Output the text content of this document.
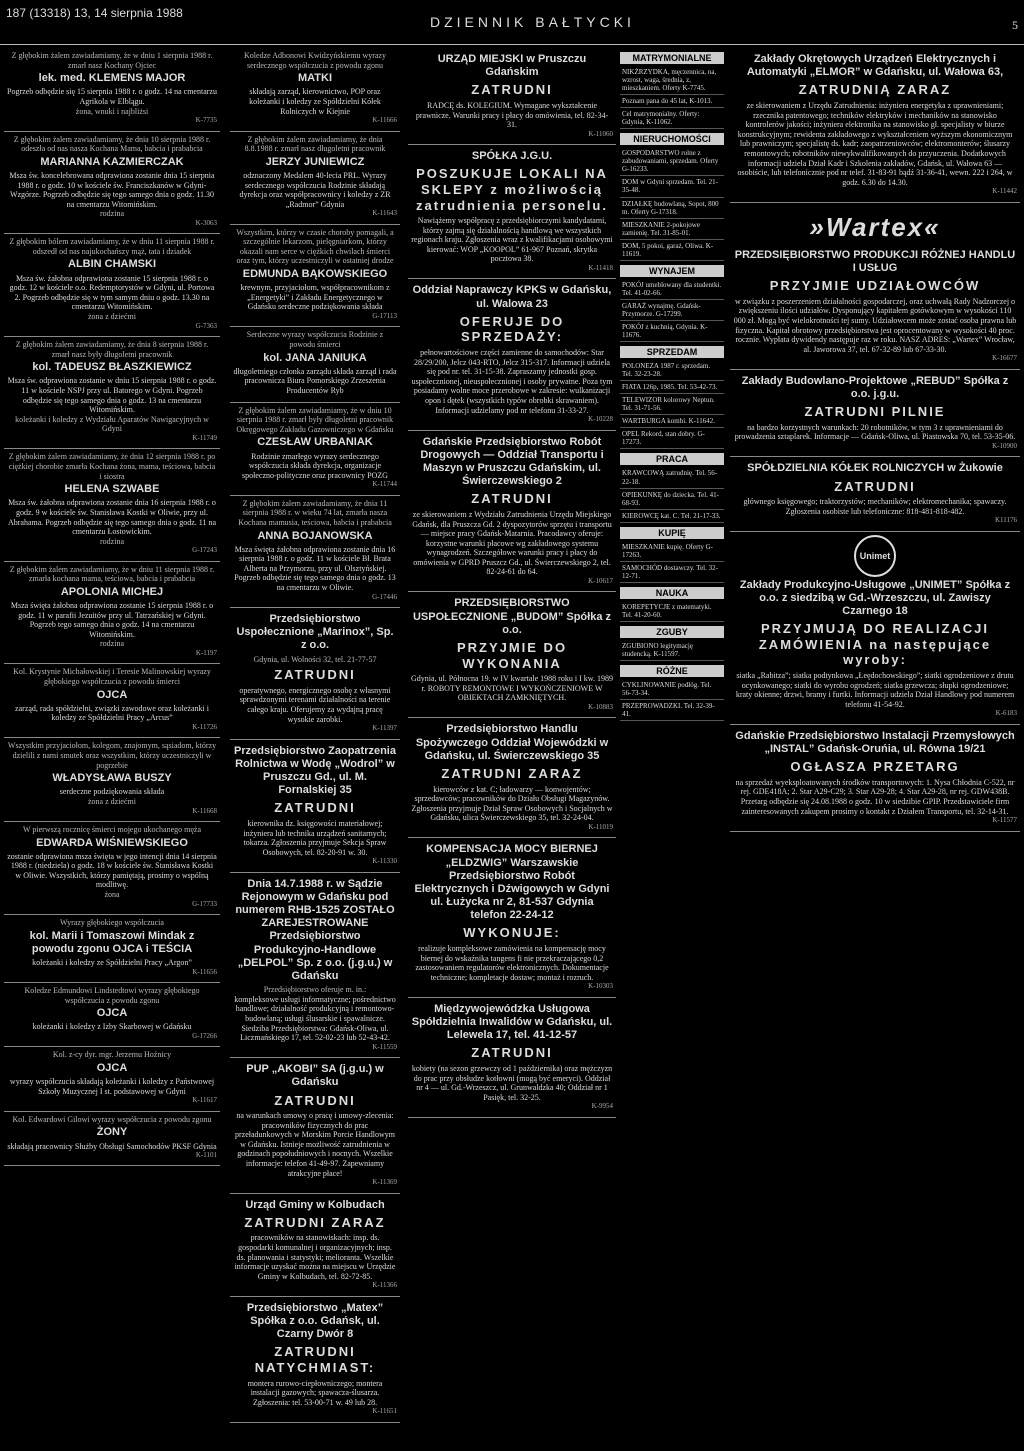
187 (13318) 13, 14 sierpnia 1988
DZIENNIK BAŁTYCKI	5
Z głębokim żalem zawiadamiamy, że w dniu 1 sierpnia 1988 r. zmarł nasz Kochany Ojciec
lek. med. KLEMENS MAJOR
Pogrzeb odbędzie się 15 sierpnia 1988 r. o godz. 14 na cmentarzu Agrikola w Elblągu.
żona, wnuki i najbliżsi
K-7735
Z głębokim żalem zawiadamiamy, że dnia 10 sierpnia 1988 r. odeszła od nas nasza Kochana Mama, babcia i prababcia
MARIANNA KAZMIERCZAK
Msza św. koncelebrowana odprawiona zostanie dnia 15 sierpnia 1988 r. o godz. 10 w kościele św. Franciszkanów w Gdyni-Wzgórze. Pogrzeb odbędzie się tego samego dnia o godz. 11.30 na cmentarzu Witomińskim.
rodzina
K-3063
Z głębokim bólem zawiadamiamy, że w dniu 11 sierpnia 1988 r. odszedł od nas najukochańszy mąż, tata i dziadek
ALBIN CHAMSKI
Msza św. żałobna odprawiona zostanie 15 sierpnia 1988 r. o godz. 12 w kościele o.o. Redemptorystów w Gdyni, ul. Portowa 2. Pogrzeb odbędzie się w tym samym dniu o godz. 13.30 na cmentarzu Witomińskim.
żona z dziećmi
G-7363
Z głębokim żalem zawiadamiamy, że dnia 8 sierpnia 1988 r. zmarł nasz były długoletni pracownik
kol. TADEUSZ BŁASZKIEWICZ
Msza św. odprawiona zostanie w dniu 15 sierpnia 1988 r. o godz. 11 w kościele NSPJ przy ul. Batorego w Gdyni. Pogrzeb odbędzie się tego samego dnia o godz. 13 na cmentarzu Witomińskim.
koleżanki i koledzy z Wydziału Aparatów Nawigacyjnych w Gdyni
K-11749
Z głębokim żalem zawiadamiamy, że dnia 12 sierpnia 1988 r. po ciężkiej chorobie zmarła Kochana żona, mama, teściowa, babcia i siostra
HELENA SZWABE
Msza św. żałobna odprawiona zostanie dnia 16 sierpnia 1988 r. o godz. 9 w kościele św. Stanisława Kostki w Oliwie, przy ul. Abrahama. Pogrzeb odbędzie się tego samego dnia o godz. 11 na cmentarzu Łostowickim.
rodzina
G-17243
Z głębokim żalem zawiadamiamy, że w dniu 11 sierpnia 1988 r. zmarła kochana mama, teściowa, babcia i prababcia
APOLONIA MICHEJ
Msza święta żałobna odprawiona zostanie 15 sierpnia 1988 r. o godz. 11 w parafii Jezuitów przy ul. Tatrzańskiej w Gdyni. Pogrzeb tego samego dnia o godz. 14 na cmentarzu Witomińskim.
rodzina
K-1197
Kol. Krystynie Michałowskiej i Teresie Malinowskiej wyrazy głębokiego współczucia z powodu śmierci
OJCA
zarząd, rada spółdzielni, związki zawodowe oraz koleżanki i koledzy ze Spółdzielni Pracy „Arcus”
K-11726
Wszystkim przyjaciołom, kolegom, znajomym, sąsiadom, którzy dzielili z nami smutek oraz wszystkim, którzy uczestniczyli w pogrzebie
WŁADYSŁAWA BUSZY
serdeczne podziękowania składa
żona z dziećmi
K-11668
W pierwszą rocznicę śmierci mojego ukochanego męża
EDWARDA WIŚNIEWSKIEGO
zostanie odprawiona msza święta w jego intencji dnia 14 sierpnia 1988 r. (niedziela) o godz. 18 w kościele św. Stanisława Kostki w Oliwie. Wszystkich, którzy pamiętają, prosimy o wspólną modlitwę.
żona
G-17733
Wyrazy głębokiego współczucia
kol. Marii i Tomaszowi Mindak z powodu zgonu OJCA i TEŚCIA
koleżanki i koledzy ze Spółdzielni Pracy „Argon”
K-11656
Koledze Edmundowi Lindstedtowi wyrazy głębokiego współczucia z powodu zgonu
OJCA
koleżanki i koledzy z Izby Skarbowej w Gdańsku
G-17266
Kol. z-cy dyr. mgr. Jerzemu Hoźnicy
OJCA
wyrazy współczucia składają koleżanki i koledzy z Państwowej Szkoły Muzycznej I st. podstawowej w Gdyni
K-11617
Kol. Edwardowi Gilowi wyrazy współczucia z powodu zgonu
ŻONY
składają pracownicy Służby Obsługi Samochodów PKSF Gdynia
K-1101
Koledze Adbonowi Kwidzyńskiemu wyrazy serdecznego współczucia z powodu zgonu
MATKI
składają zarząd, kierownictwo, POP oraz koleżanki i koledzy ze Spółdzielni Kółek Rolniczych w Kiejnie
K-11666
Z głębokim żalem zawiadamiamy, że dnia 8.8.1988 r. zmarł nasz długoletni pracownik
JERZY JUNIEWICZ
odznaczony Medalem 40-lecia PRL. Wyrazy serdecznego współczucia Rodzinie składają dyrekcja oraz współpracownicy i koledzy z ZR „Radmor” Gdynia
K-11643
Wszystkim, którzy w czasie choroby pomagali, a szczególnie lekarzom, pielęgniarkom, którzy okazali nam serce w ciężkich chwilach śmierci oraz tym, którzy uczestniczyli w ostatniej drodze
EDMUNDA BĄKOWSKIEGO
krewnym, przyjaciołom, współpracownikom z „Energetyki” i Zakładu Energetycznego w Gdańsku serdeczne podziękowania składa
G-17113
Serdeczne wyrazy współczucia Rodzinie z powodu śmierci
kol. JANA JANIUKA
długoletniego członka zarządu składa zarząd i rada pracownicza Biura Pomorskiego Zrzeszenia Producentów Ryb
Z głębokim żalem zawiadamiamy, że w dniu 10 sierpnia 1988 r. zmarł były długoletni pracownik Okręgowego Zakładu Gazowniczego w Gdańsku
CZESŁAW URBANIAK
Rodzinie zmarłego wyrazy serdecznego współczucia składa dyrekcja, organizacje społeczno-polityczne oraz pracownicy POZG
K-11744
Z głębokim żalem zawiadamiamy, że dnia 11 sierpnia 1988 r. w wieku 74 lat, zmarła nasza Kochana mamusia, teściowa, babcia i prababcia
ANNA BOJANOWSKA
Msza święta żałobna odprawiona zostanie dnia 16 sierpnia 1988 r. o godz. 11 w kościele Bł. Brata Alberta na Przymorzu, przy ul. Olsztyńskiej. Pogrzeb odbędzie się tego samego dnia o godz. 13 na cmentarzu w Oliwie.
G-17446
Przedsiębiorstwo Uspołecznione „Marinox”, Sp. z o.o.
Gdynia, ul. Wolności 32, tel. 21-77-57
ZATRUDNI
operatywnego, energicznego osobę z własnymi sprawdzonymi terenami działalności na terenie całego kraju. Oferujemy za wydajną pracę wysokie zarobki.
K-11397
Przedsiębiorstwo Zaopatrzenia Rolnictwa w Wodę „Wodrol” w Pruszczu Gd., ul. M. Fornalskiej 35
ZATRUDNI
kierownika dz. księgowości materiałowej; inżyniera lub technika urządzeń sanitarnych; tokarza. Zgłoszenia przyjmuje Sekcja Spraw Osobowych, tel. 82-20-91 w. 30.
K-11330
Dnia 14.7.1988 r. w Sądzie Rejonowym w Gdańsku pod numerem RHB-1525 ZOSTAŁO ZAREJESTROWANE Przedsiębiorstwo Produkcyjno-Handlowe „DELPOL” Sp. z o.o. (j.g.u.) w Gdańsku
Przedsiębiorstwo oferuje m. in.:
kompleksowe usługi informatyczne; pośrednictwo handlowe; działalność produkcyjną i remontowo-budowlaną; usługi ślusarskie i spawalnicze. Siedziba Przedsiębiorstwa: Gdańsk-Oliwa, ul. Liczmańskiego 17, tel. 52-02-23 lub 52-43-42.
K-11559
PUP „AKOBI” SA (j.g.u.) w Gdańsku
ZATRUDNI
na warunkach umowy o pracę i umowy-zlecenia: pracowników fizycznych do prac przeładunkowych w Morskim Porcie Handlowym w Gdańsku. Istnieje możliwość zatrudnienia w godzinach popołudniowych i nocnych. Wszelkie informacje: telefon 41-49-97. Zapewniamy atrakcyjne płace!
K-11369
Urząd Gminy w Kolbudach
ZATRUDNI ZARAZ
pracowników na stanowiskach: insp. ds. gospodarki komunalnej i organizacyjnych; insp. ds. planowania i statystyki; melioranta. Wszelkie informacje uzyskać można na miejscu w Urzędzie Gminy w Kolbudach, tel. 82-72-85.
K-11366
Przedsiębiorstwo „Matex” Spółka z o.o. Gdańsk, ul. Czarny Dwór 8
ZATRUDNI NATYCHMIAST:
montera rurowo-ciepłowniczego; montera instalacji gazowych; spawacza-ślusarza. Zgłoszenia: tel. 53-00-71 w. 49 lub 28.
K-11651
URZĄD MIEJSKI w Pruszczu Gdańskim
ZATRUDNI
RADCĘ ds. KOLEGIUM. Wymagane wykształcenie prawnicze. Warunki pracy i płacy do omówienia, tel. 82-34-31.
K-11060
SPÓŁKA J.G.U.
POSZUKUJE LOKALI NA SKLEPY z możliwością zatrudnienia personelu.
Nawiążemy współpracę z przedsiębiorczymi kandydatami, którzy zajmą się działalnością handlową we wszystkich regionach kraju. Zgłoszenia wraz z kwalifikacjami osobowymi kierować: WOP „KOOPOL” 61-967 Poznań, skrytka pocztowa 38.
K-11418
Oddział Naprawczy KPKS w Gdańsku, ul. Walowa 23
OFERUJE DO SPRZEDAŻY:
pełnowartościowe części zamienne do samochodów: Star 28/29/200, Jelcz 043-RTO, Jelcz 315-317. Informacji udziela się pod nr. tel. 31-15-38. Zapraszamy jednostki gosp. uspołecznionej, nieuspołecznionej i osoby prywatne. Poza tym posiadamy wolne moce przerobowe w zakresie: wulkanizacji opon i dętek (wszystkich typów obrobki skrawaniem). Informacji udzielamy pod nr telefonu 31-33-27.
K-10228
Gdańskie Przedsiębiorstwo Robót Drogowych — Oddział Transportu i Maszyn w Pruszczu Gdańskim, ul. Świerczewskiego 2
ZATRUDNI
ze skierowaniem z Wydziału Zatrudnienia Urzędu Miejskiego Gdańsk, dla Pruszcza Gd. 2 dyspozytorów sprzętu i transportu — miejsce pracy Gdańsk-Matarnia. Pracodawcy oferuje: korzystne warunki płacowe wg zakładowego systemu wynagrodzeń. Szczegółowe warunki pracy i płacy do omówienia w GPRD Pruszcz Gd., ul. Świerczewskiego 2, tel. 82-24-61 do 64.
K-10617
PRZEDSIĘBIORSTWO USPOŁECZNIONE „BUDOM” Spółka z o.o.
PRZYJMIE DO WYKONANIA
Gdynia, ul. Północna 19. w IV kwartale 1988 roku i I kw. 1989 r. ROBOTY REMONTOWE I WYKOŃCZENIOWE W OBIEKTACH ZAMKNIĘTYCH.
K-10883
Przedsiębiorstwo Handlu Spożywczego Oddział Wojewódzki w Gdańsku, ul. Świerczewskiego 35
ZATRUDNI ZARAZ
kierowców z kat. C; ładowarzy — konwojentów; sprzedawców; pracowników do Działu Obsługi Magazynów. Zgłoszenia przyjmuje Dział Spraw Osobowych i Socjalnych w Gdańsku, ulica Świerczewskiego 35, tel. 32-24-04.
K-11019
KOMPENSACJA MOCY BIERNEJ „ELDZWIG” Warszawskie Przedsiębiorstwo Robót Elektrycznych i Dźwigowych w Gdyni ul. Łużycka nr 2, 81-537 Gdynia telefon 22-24-12
WYKONUJE:
realizuje kompleksowe zamówienia na kompensację mocy biernej do wskaźnika tangens fi nie przekraczającego 0,2 zastosowaniem regulatorów elektronicznych. Dokumentacje techniczne; kompletacje dostaw; montaż i rozruch.
K-10303
Międzywojewódzka Usługowa Spółdzielnia Inwalidów w Gdańsku, ul. Lelewela 17, tel. 41-12-57
ZATRUDNI
kobiety (na sezon grzewczy od 1 października) oraz mężczyzn do prac przy obsłudze kotłowni (mogą być emeryci). Oddział nr 4 — ul. Gd.-Wrzeszcz, ul. Grunwaldzka 40; Oddział nr 1 Pasięk, tel. 32-25.
K-9954
MATRYMONIALNE
NIKŻRZYDKA, męczennica, na, wzrost, waga, średnia, z, mieszkaniem. Oferty K-7745.
Poznam pana do 45 lat, K-1013.
Cel matrymonialny. Oferty: Gdynia, K-11062.
NIERUCHOMOŚCI
GOSPODARSTWO rolne z zabudowaniami, sprzedam. Oferty G-16233.
DOM w Gdyni sprzedam. Tel. 21-35-48.
DZIAŁKĘ budowlaną, Sopot, 800 m. Oferty G-17318.
MIESZKANIE 2-pokojowe zamienię. Tel. 31-85-01.
DOM, 5 pokoi, garaż, Oliwa. K-11619.
WYNAJEM
POKÓJ umeblowany dla studentki. Tel. 41-02-66.
GARAŻ wynajmę. Gdańsk-Przymorze. G-17299.
POKÓJ z kuchnią, Gdynia. K-11676.
SPRZEDAM
POLONEZA 1987 r. sprzedam. Tel. 32-23-28.
FIATA 126p, 1985. Tel. 53-42-73.
TELEWIZOR kolorowy Neptun. Tel. 31-71-56.
WARTBURGA kombi. K-11642.
OPEL Rekord, stan dobry. G-17273.
PRACA
KRAWCOWĄ zatrudnię. Tel. 56-22-18.
OPIEKUNKĘ do dziecka. Tel. 41-68-93.
KIEROWCĘ kat. C. Tel. 21-17-33.
KUPIĘ
MIESZKANIE kupię. Oferty G-17263.
SAMOCHÓD dostawczy. Tel. 32-12-71.
NAUKA
KOREPETYCJE z matematyki. Tel. 41-20-60.
ZGUBY
ZGUBIONO legitymację studencką. K-11597.
RÓŻNE
CYKLINOWANIE podłóg. Tel. 56-73-34.
PRZEPROWADZKI. Tel. 32-39-41.
Zakłady Okrętowych Urządzeń Elektrycznych i Automatyki „ELMOR” w Gdańsku, ul. Wałowa 63,
ZATRUDNIĄ ZARAZ
ze skierowaniem z Urzędu Zatrudnienia: inżyniera energetyka z uprawnieniami; rzecznika patentowego; techników elektryków i mechaników na stanowisko kontrolerów jakości; inżyniera elektronika na stanowisko gł. specjalisty w biurze konstrukcyjnym; rewidenta zakładowego z wykształceniem wyższym ekonomicznym lub prawniczym; specjalistę ds. kadr; zaopatrzeniowców; elektromonterów; ślusarzy remontowych; robotników niewykwalifikowanych do przyuczenia. Dodatkowych informacji udziela Dział Kadr i Szkolenia zakładów, Gdańsk, ul. Wałowa 63 — osobiście, lub telefonicznie pod nr telef. 31-83-91 bądź 31-36-41, wewn. 222 i 264, w godz. 6.30 do 14.30.
K-11442
»Wartex«
PRZEDSIĘBIORSTWO PRODUKCJI RÓŻNEJ HANDLU I USŁUG
PRZYJMIE UDZIAŁOWCÓW
w związku z poszerzeniem działalności gospodarczej, oraz uchwałą Rady Nadzorczej o zwiększeniu ilości udziałów. Dysponujący kapitałem gotówkowym w wysokości 110 000 zł. Mogą być wielokrotności tej sumy. Udziałowcem może zostać osoba prawna lub fizyczna. Kapitał obrotowy przedsiębiorstwa jest oprocentowany w wysokości 40 proc. rocznie. Wypłata dywidendy następuje raz w roku. NASZ ADRES: „Wartex” Wrocław, al. Jaworowa 37, tel. 67-32-89 lub 67-33-30.
K-16677
Zakłady Budowlano-Projektowe „REBUD” Spółka z o.o. j.g.u.
ZATRUDNI PILNIE
na bardzo korzystnych warunkach: 20 robotników, w tym 3 z uprawnieniami do prowadzenia sztaplarek. Informacje — Gdańsk-Oliwa, ul. Piastowska 70, tel. 53-35-06.
K-10900
SPÓŁDZIELNIA KÓŁEK ROLNICZYCH w Żukowie
ZATRUDNI
głównego księgowego; traktorzystów; mechaników; elektromechanika; spawaczy. Zgłoszenia osobiste lub telefoniczne: 818-481-818-482.
K11176
Unimet
Zakłady Produkcyjno-Usługowe „UNIMET” Spółka z o.o. z siedzibą w Gd.-Wrzeszczu, ul. Zawiszy Czarnego 18
PRZYJMUJĄ DO REALIZACJI ZAMÓWIENIA na następujące wyroby:
siatka „Rabitza”; siatka podtynkowa „Łeędochowskiego”; siatki ogrodzeniowe z drutu ocynkowanego; siatki do wyrobu ogrodzeń; siatka grzewcza; słupki ogrodzeniowe; kraty okienne; drzwi, bramy i furtki. Informacji udziela Dział Handlowy pod numerem telefonu 41-54-92.
K-6183
Gdańskie Przedsiębiorstwo Instalacji Przemysłowych „INSTAL” Gdańsk-Oruńia, ul. Równa 19/21
OGŁASZA PRZETARG
na sprzedaż wyeksploatowanych środków transportowych: 1. Nysa Chłodnia C-522, nr rej. GDE418A; 2. Star A29-C29; 3. Star A29-28; 4. Star A29-28, nr rej. GDW438B. Przetarg odbędzie się 24.08.1988 o godz. 10 w siedzibie GPIP. Przedstawiciele firm zainteresowanych zakupem prosimy o kontakt z Działem Transportu, tel. 32-14-31.
K-11577
